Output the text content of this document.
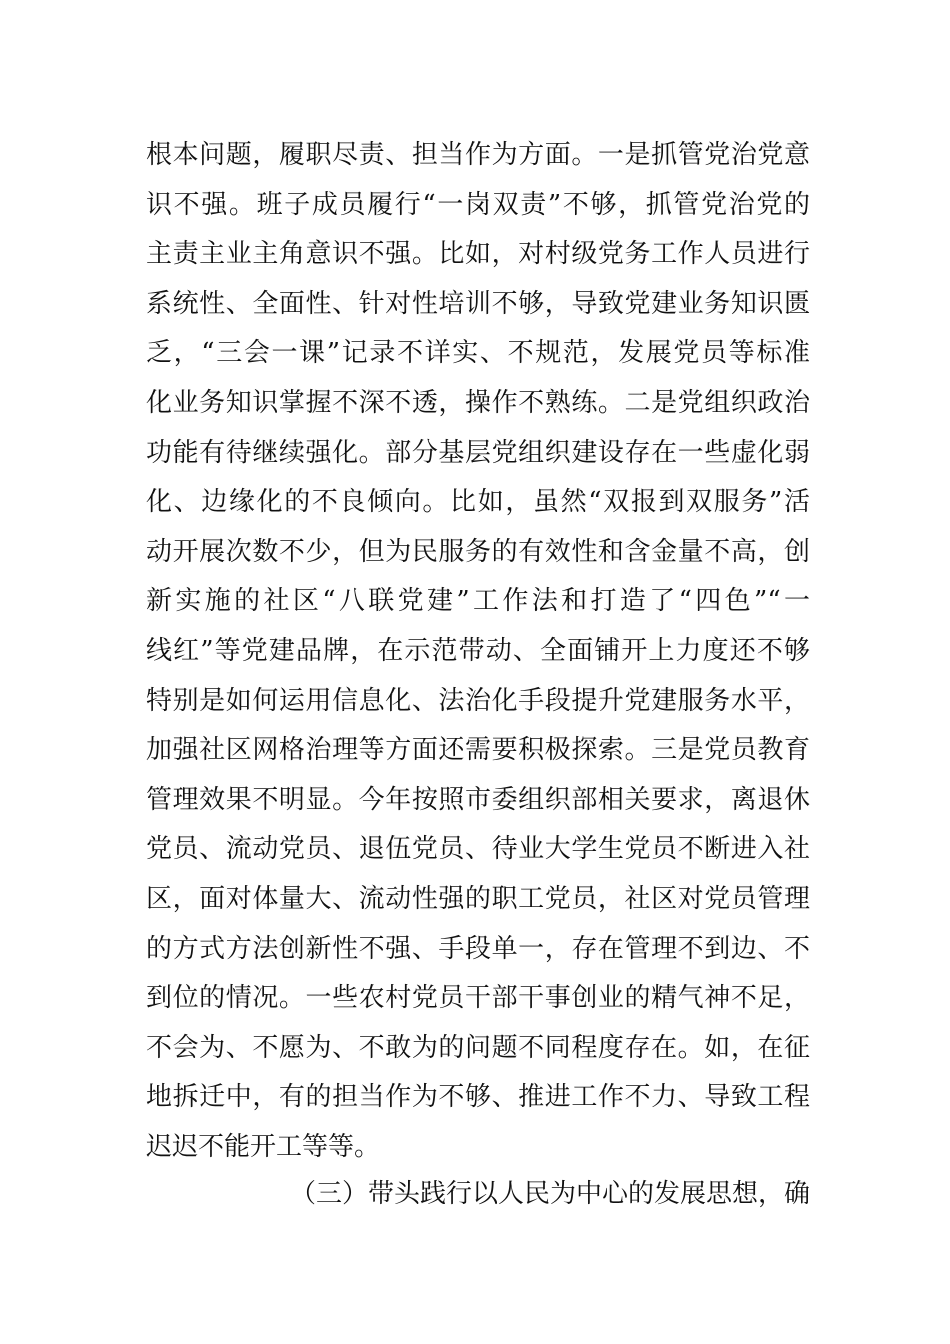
根本问题，履职尽责、担当作为方面。一是抓管党治党意
识不强。班子成员履行“一岗双责”不够，抓管党治党的
主责主业主角意识不强。比如，对村级党务工作人员进行
系统性、全面性、针对性培训不够，导致党建业务知识匮
乏，“三会一课”记录不详实、不规范，发展党员等标准
化业务知识掌握不深不透，操作不熟练。二是党组织政治
功能有待继续强化。部分基层党组织建设存在一些虚化弱
化、边缘化的不良倾向。比如，虽然“双报到双服务”活
动开展次数不少，但为民服务的有效性和含金量不高，创
新实施的社区“八联党建”工作法和打造了“四色”“一
线红”等党建品牌，在示范带动、全面铺开上力度还不够
特别是如何运用信息化、法治化手段提升党建服务水平，
加强社区网格治理等方面还需要积极探索。三是党员教育
管理效果不明显。今年按照市委组织部相关要求，离退休
党员、流动党员、退伍党员、待业大学生党员不断进入社
区，面对体量大、流动性强的职工党员，社区对党员管理
的方式方法创新性不强、手段单一，存在管理不到边、不
到位的情况。一些农村党员干部干事创业的精气神不足，
不会为、不愿为、不敢为的问题不同程度存在。如，在征
地拆迁中，有的担当作为不够、推进工作不力、导致工程
迟迟不能开工等等。
（三）带头践行以人民为中心的发展思想，确
